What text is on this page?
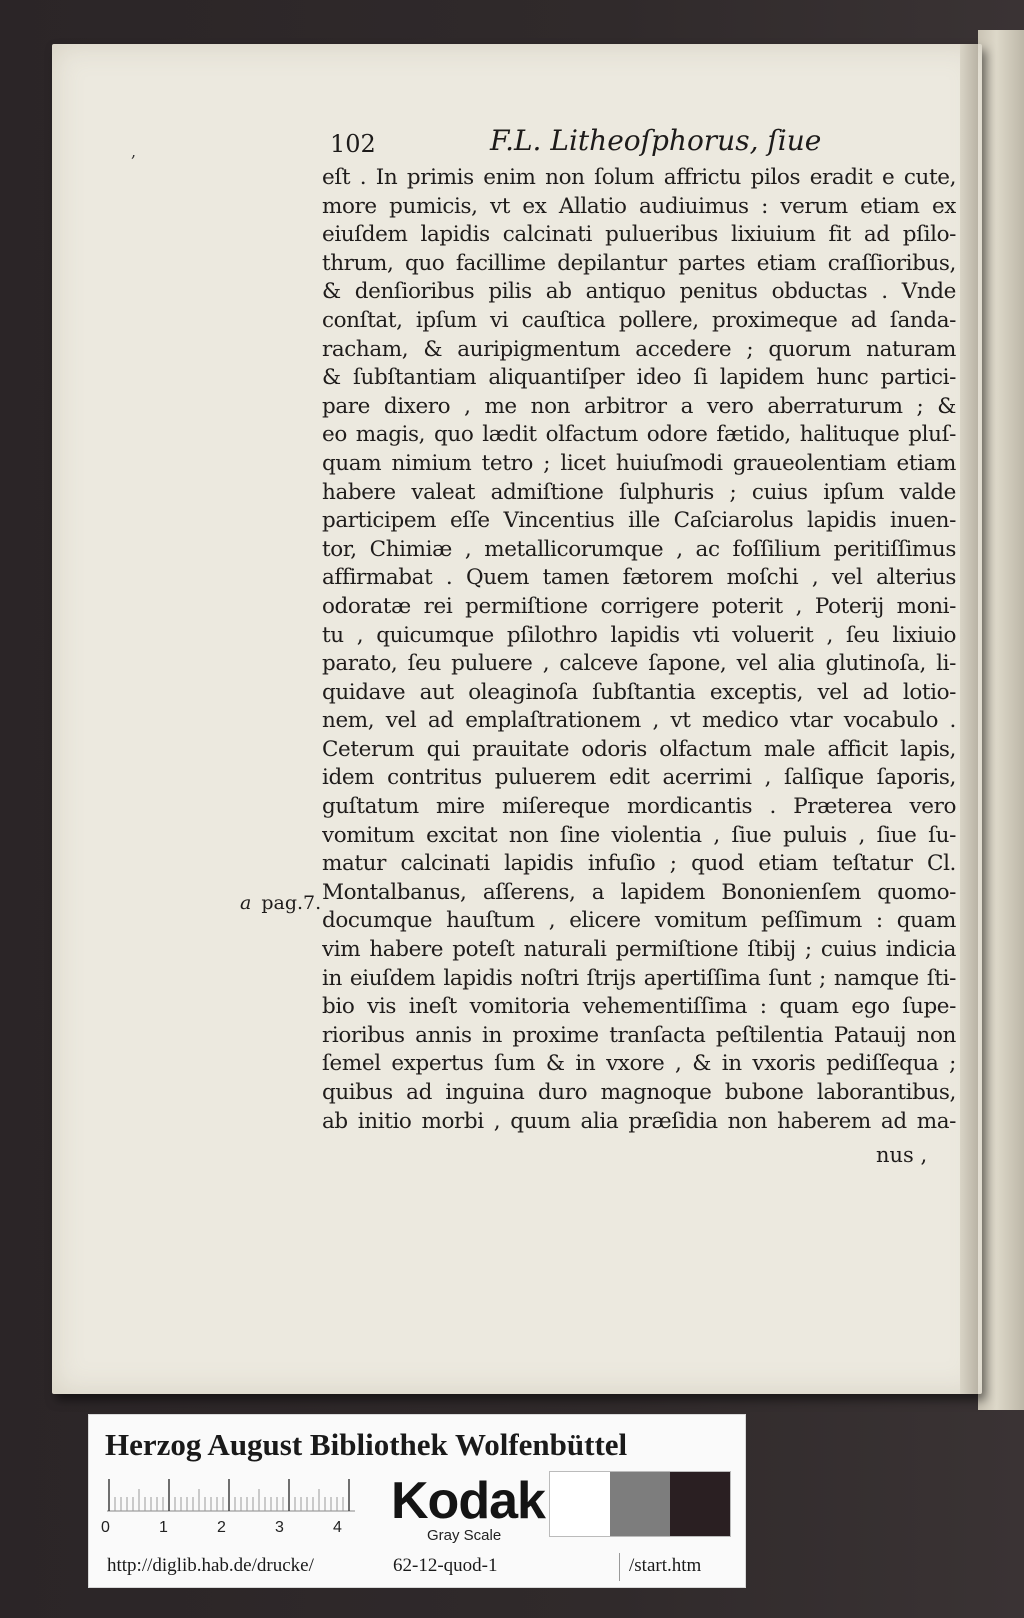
,	102	F.L. Litheoſphorus, ſiue
eſt . In primis enim non ſolum affrictu pilos eradit e cute,
more pumicis, vt ex Allatio audiuimus : verum etiam ex
eiuſdem lapidis calcinati pulueribus lixiuium fit ad pſilo-
thrum, quo facillime depilantur partes etiam craſſioribus,
& denſioribus pilis ab antiquo penitus obductas . Vnde
conſtat, ipſum vi cauſtica pollere, proximeque ad ſanda-
racham, & auripigmentum accedere ; quorum naturam
& ſubſtantiam aliquantiſper ideo ſi lapidem hunc partici-
pare dixero , me non arbitror a vero aberraturum ; &
eo magis, quo lædit olfactum odore fætido, halituque pluſ-
quam nimium tetro ; licet huiuſmodi graueolentiam etiam
habere valeat admiſtione ſulphuris ; cuius ipſum valde
participem eſſe Vincentius ille Caſciarolus lapidis inuen-
tor, Chimiæ , metallicorumque , ac foſſilium peritiſſimus
affirmabat . Quem tamen fætorem moſchi , vel alterius
odoratæ rei permiſtione corrigere poterit , Poterij moni-
tu , quicumque pſilothro lapidis vti voluerit , ſeu lixiuio
parato, ſeu puluere , calceve ſapone, vel alia glutinoſa, li-
quidave aut oleaginoſa ſubſtantia exceptis, vel ad lotio-
nem, vel ad emplaſtrationem , vt medico vtar vocabulo .
Ceterum qui prauitate odoris olfactum male afficit lapis,
idem contritus puluerem edit acerrimi , ſalſique ſaporis,
guſtatum mire miſereque mordicantis . Præterea vero
vomitum excitat non ſine violentia , ſiue puluis , ſiue ſu-
matur calcinati lapidis infuſio ; quod etiam teſtatur Cl.
Montalbanus, aſſerens, a lapidem Bononienſem quomo-
documque hauſtum , elicere vomitum peſſimum : quam
vim habere poteſt naturali permiſtione ſtibij ; cuius indicia
in eiuſdem lapidis noſtri ſtrijs apertiſſima ſunt ; namque ſti-
bio vis ineſt vomitoria vehementiſſima : quam ego ſupe-
rioribus annis in proxime tranſacta peſtilentia Patauij non
ſemel expertus ſum & in vxore , & in vxoris pediſſequa ;
quibus ad inguina duro magnoque bubone laborantibus,
ab initio morbi , quum alia præſidia non haberem ad ma-
a pag.7.
nus ,
Herzog August Bibliothek Wolfenbüttel
0	1	2	3	4 Kodak
Gray Scale
http://diglib.hab.de/drucke/	62-12-quod-1	/start.htm
